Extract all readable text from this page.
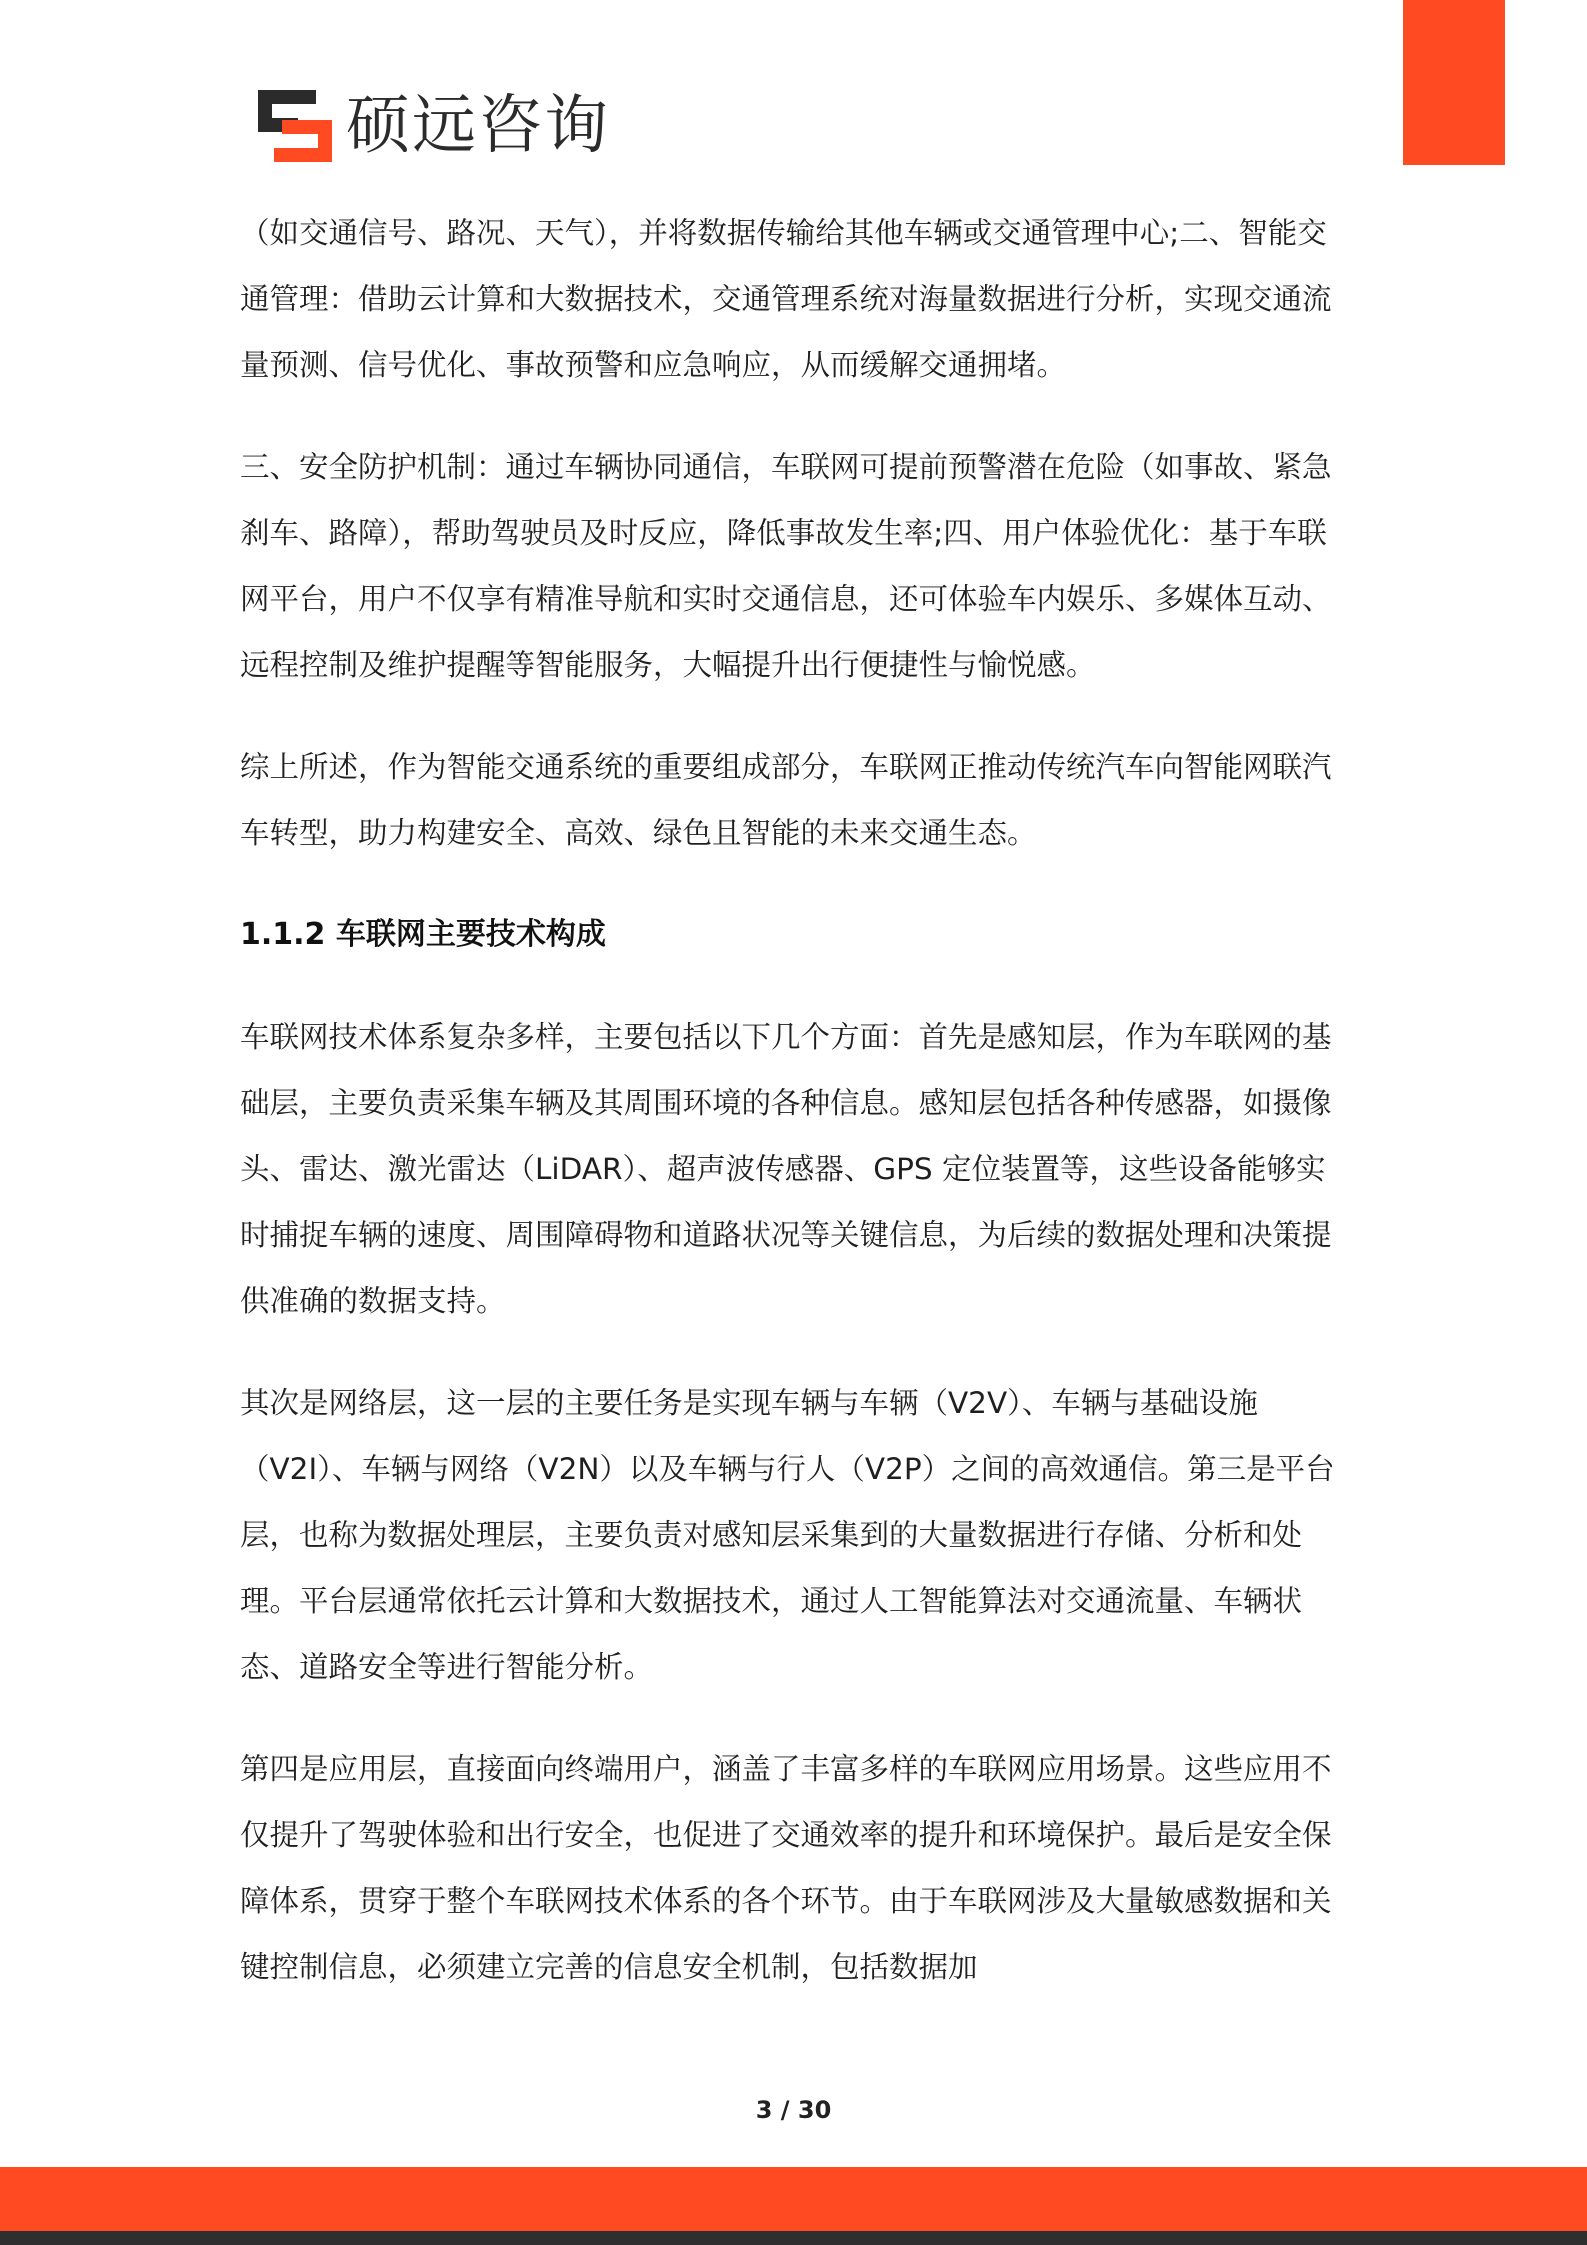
硕远咨询

（如交通信号、路况、天气），并将数据传输给其他车辆或交通管理中心;二、智能交通管理：借助云计算和大数据技术，交通管理系统对海量数据进行分析，实现交通流量预测、信号优化、事故预警和应急响应，从而缓解交通拥堵。

三、安全防护机制：通过车辆协同通信，车联网可提前预警潜在危险（如事故、紧急刹车、路障），帮助驾驶员及时反应，降低事故发生率;四、用户体验优化：基于车联网平台，用户不仅享有精准导航和实时交通信息，还可体验车内娱乐、多媒体互动、远程控制及维护提醒等智能服务，大幅提升出行便捷性与愉悦感。

综上所述，作为智能交通系统的重要组成部分，车联网正推动传统汽车向智能网联汽车转型，助力构建安全、高效、绿色且智能的未来交通生态。

1.1.2 车联网主要技术构成

车联网技术体系复杂多样，主要包括以下几个方面：首先是感知层，作为车联网的基础层，主要负责采集车辆及其周围环境的各种信息。感知层包括各种传感器，如摄像头、雷达、激光雷达（LiDAR）、超声波传感器、GPS 定位装置等，这些设备能够实时捕捉车辆的速度、周围障碍物和道路状况等关键信息，为后续的数据处理和决策提供准确的数据支持。

其次是网络层，这一层的主要任务是实现车辆与车辆（V2V）、车辆与基础设施（V2I）、车辆与网络（V2N）以及车辆与行人（V2P）之间的高效通信。第三是平台层，也称为数据处理层，主要负责对感知层采集到的大量数据进行存储、分析和处理。平台层通常依托云计算和大数据技术，通过人工智能算法对交通流量、车辆状态、道路安全等进行智能分析。

第四是应用层，直接面向终端用户，涵盖了丰富多样的车联网应用场景。这些应用不仅提升了驾驶体验和出行安全，也促进了交通效率的提升和环境保护。最后是安全保障体系，贯穿于整个车联网技术体系的各个环节。由于车联网涉及大量敏感数据和关键控制信息，必须建立完善的信息安全机制，包括数据加

3 / 30
